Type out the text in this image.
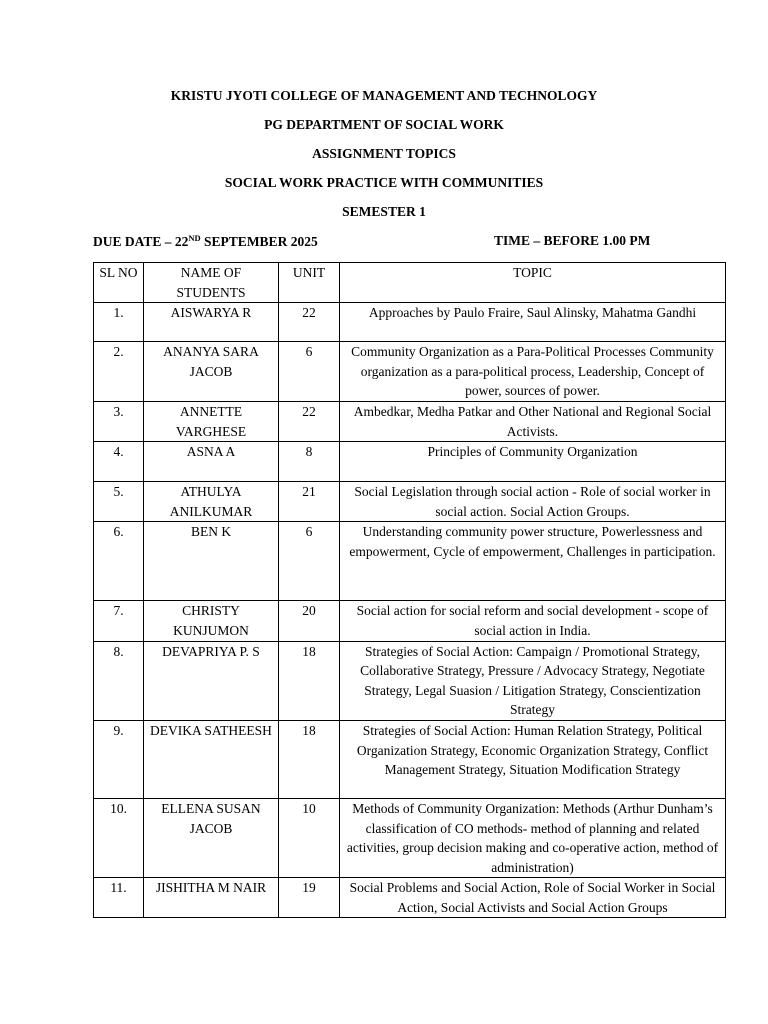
KRISTU JYOTI COLLEGE OF MANAGEMENT AND TECHNOLOGY
PG DEPARTMENT OF SOCIAL WORK
ASSIGNMENT TOPICS
SOCIAL WORK PRACTICE WITH COMMUNITIES
SEMESTER 1
DUE DATE – 22ND SEPTEMBER 2025	TIME – BEFORE 1.00 PM
SL NO	NAME OF STUDENTS	UNIT	TOPIC
1.	AISWARYA R	22	Approaches by Paulo Fraire, Saul Alinsky, Mahatma Gandhi
2.	ANANYA SARA JACOB	6	Community Organization as a Para-Political Processes Community organization as a para-political process, Leadership, Concept of power, sources of power.
3.	ANNETTE VARGHESE	22	Ambedkar, Medha Patkar and Other National and Regional Social Activists.
4.	ASNA A	8	Principles of Community Organization
5.	ATHULYA ANILKUMAR	21	Social Legislation through social action - Role of social worker in social action. Social Action Groups.
6.	BEN K	6	Understanding community power structure, Powerlessness and empowerment, Cycle of empowerment, Challenges in participation.
7.	CHRISTY KUNJUMON	20	Social action for social reform and social development - scope of social action in India.
8.	DEVAPRIYA P. S	18	Strategies of Social Action: Campaign / Promotional Strategy, Collaborative Strategy, Pressure / Advocacy Strategy, Negotiate Strategy, Legal Suasion / Litigation Strategy, Conscientization Strategy
9.	DEVIKA SATHEESH	18	Strategies of Social Action: Human Relation Strategy, Political Organization Strategy, Economic Organization Strategy, Conflict Management Strategy, Situation Modification Strategy
10.	ELLENA SUSAN JACOB	10	Methods of Community Organization: Methods (Arthur Dunham’s classification of CO methods- method of planning and related activities, group decision making and co-operative action, method of administration)
11.	JISHITHA M NAIR	19	Social Problems and Social Action, Role of Social Worker in Social Action, Social Activists and Social Action Groups
